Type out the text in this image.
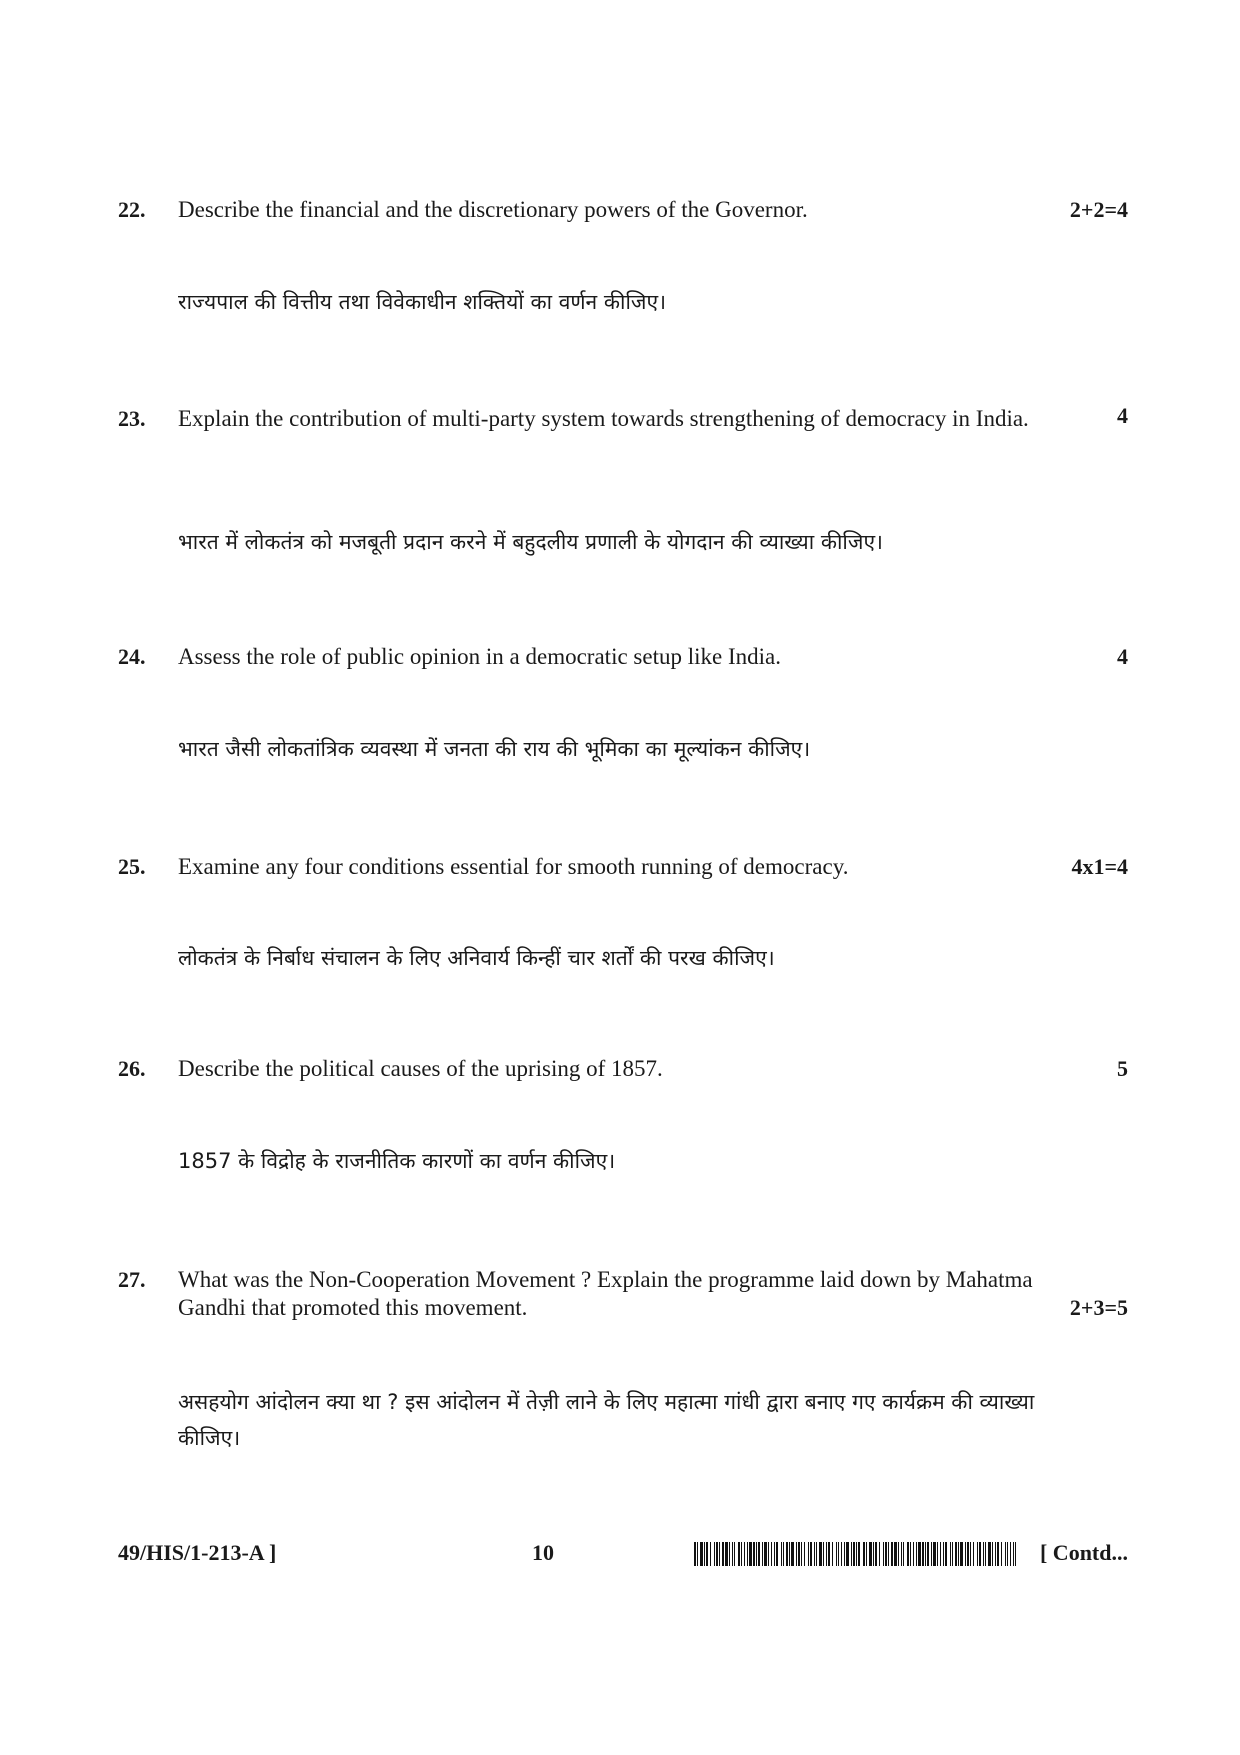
22. Describe the financial and the discretionary powers of the Governor.	2+2=4
राज्यपाल की वित्तीय तथा विवेकाधीन शक्तियों का वर्णन कीजिए।
23. Explain the contribution of multi-party system towards strengthening of democracy in India.	4
भारत में लोकतंत्र को मजबूती प्रदान करने में बहुदलीय प्रणाली के योगदान की व्याख्या कीजिए।
24. Assess the role of public opinion in a democratic setup like India.	4
भारत जैसी लोकतांत्रिक व्यवस्था में जनता की राय की भूमिका का मूल्यांकन कीजिए।
25. Examine any four conditions essential for smooth running of democracy.	4x1=4
लोकतंत्र के निर्बाध संचालन के लिए अनिवार्य किन्हीं चार शर्तों की परख कीजिए।
26. Describe the political causes of the uprising of 1857.	5
1857 के विद्रोह के राजनीतिक कारणों का वर्णन कीजिए।
27. What was the Non-Cooperation Movement ? Explain the programme laid down by Mahatma Gandhi that promoted this movement.	2+3=5
असहयोग आंदोलन क्या था ? इस आंदोलन में तेज़ी लाने के लिए महात्मा गांधी द्वारा बनाए गए कार्यक्रम की व्याख्या कीजिए।
49/HIS/1-213-A ]	10	[ Contd...
